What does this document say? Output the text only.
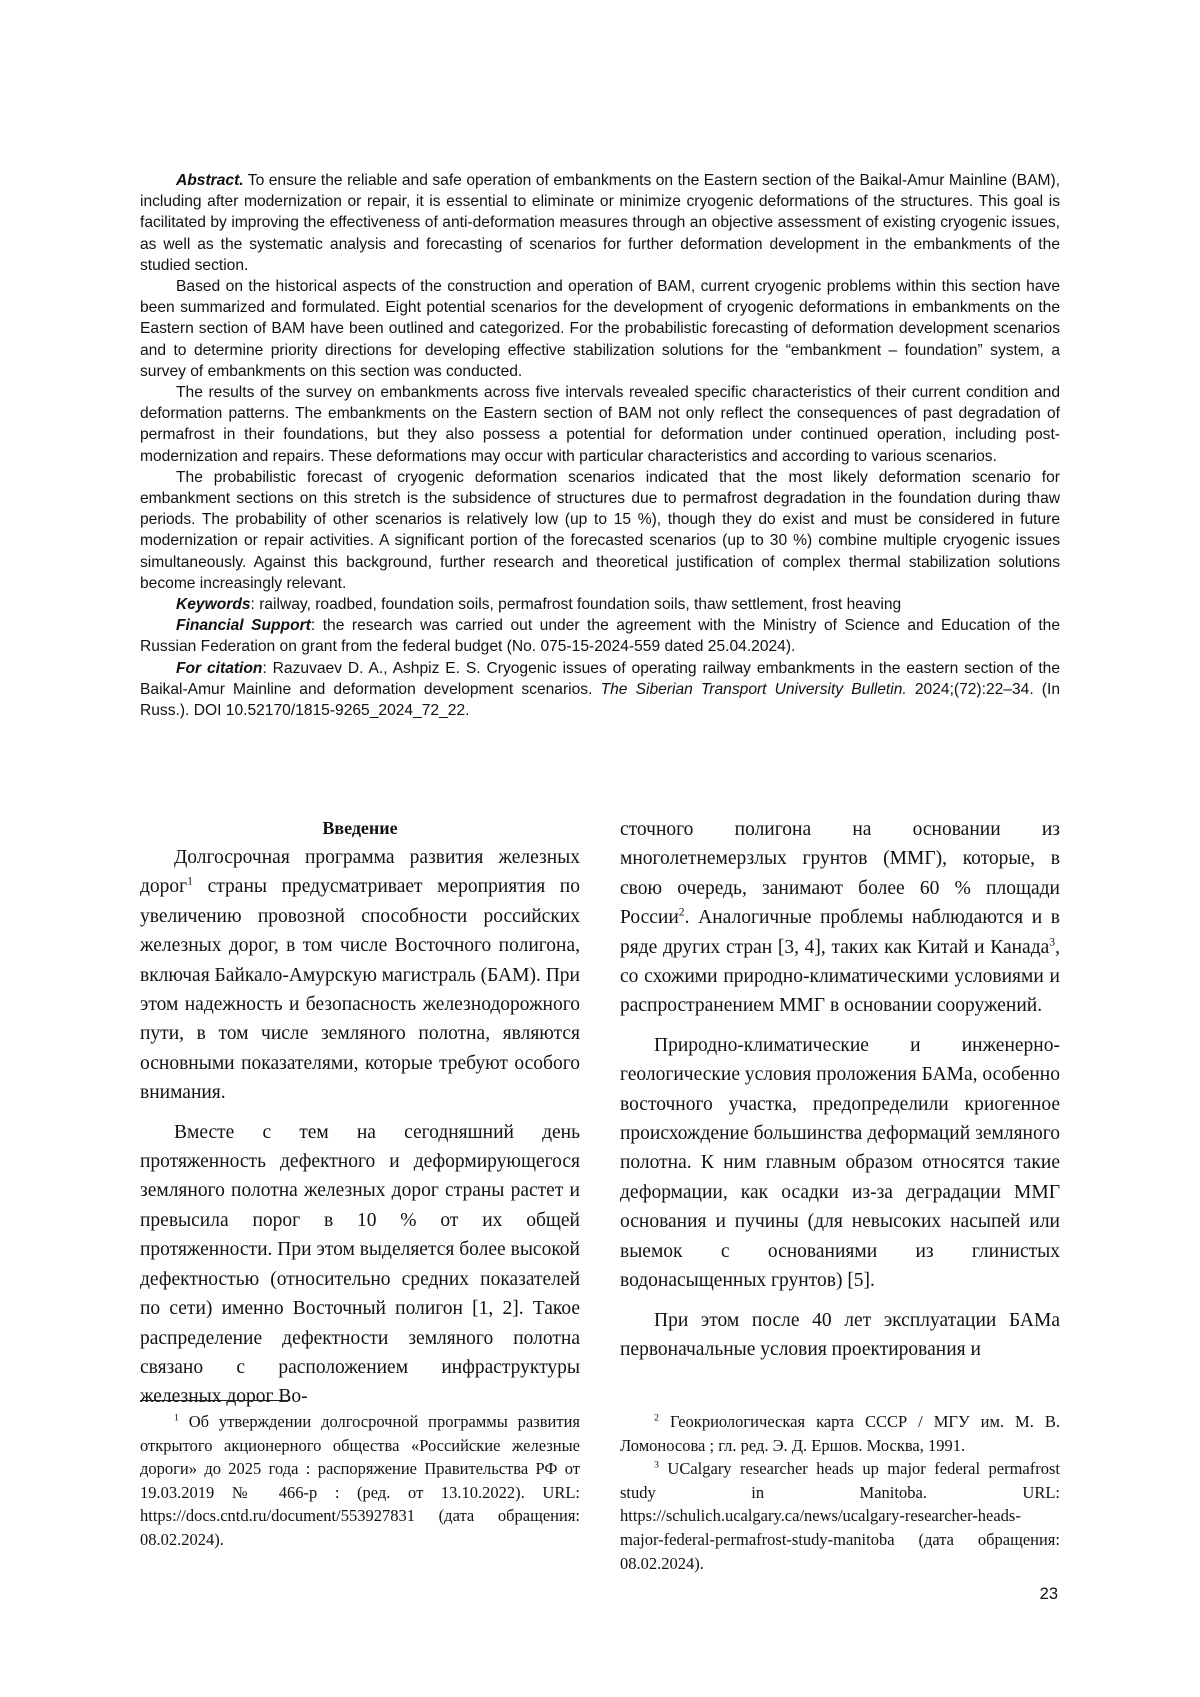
Abstract. To ensure the reliable and safe operation of embankments on the Eastern section of the Baikal-Amur Mainline (BAM), including after modernization or repair, it is essential to eliminate or minimize cryogenic deformations of the structures. This goal is facilitated by improving the effectiveness of anti-deformation measures through an objective assessment of existing cryogenic issues, as well as the systematic analysis and forecasting of scenarios for further deformation development in the embankments of the studied section.

Based on the historical aspects of the construction and operation of BAM, current cryogenic problems within this section have been summarized and formulated. Eight potential scenarios for the development of cryogenic deformations in embankments on the Eastern section of BAM have been outlined and categorized. For the probabilistic forecasting of deformation development scenarios and to determine priority directions for developing effective stabilization solutions for the “embankment – foundation” system, a survey of embankments on this section was conducted.

The results of the survey on embankments across five intervals revealed specific characteristics of their current condition and deformation patterns. The embankments on the Eastern section of BAM not only reflect the consequences of past degradation of permafrost in their foundations, but they also possess a potential for deformation under continued operation, including post-modernization and repairs. These deformations may occur with particular characteristics and according to various scenarios.

The probabilistic forecast of cryogenic deformation scenarios indicated that the most likely deformation scenario for embankment sections on this stretch is the subsidence of structures due to permafrost degradation in the foundation during thaw periods. The probability of other scenarios is relatively low (up to 15 %), though they do exist and must be considered in future modernization or repair activities. A significant portion of the forecasted scenarios (up to 30 %) combine multiple cryogenic issues simultaneously. Against this background, further research and theoretical justification of complex thermal stabilization solutions become increasingly relevant.

Keywords: railway, roadbed, foundation soils, permafrost foundation soils, thaw settlement, frost heaving

Financial Support: the research was carried out under the agreement with the Ministry of Science and Education of the Russian Federation on grant from the federal budget (No. 075-15-2024-559 dated 25.04.2024).

For citation: Razuvaev D. A., Ashpiz E. S. Cryogenic issues of operating railway embankments in the eastern section of the Baikal-Amur Mainline and deformation development scenarios. The Siberian Transport University Bulletin. 2024;(72):22–34. (In Russ.). DOI 10.52170/1815-9265_2024_72_22.

Введение

Долгосрочная программа развития железных дорог$^1$ страны предусматривает мероприятия по увеличению провозной способности российских железных дорог, в том числе Восточного полигона, включая Байкало-Амурскую магистраль (БАМ). При этом надежность и безопасность железнодорожного пути, в том числе земляного полотна, являются основными показателями, которые требуют особого внимания.

Вместе с тем на сегодняшний день протяженность дефектного и деформирующегося земляного полотна железных дорог страны растет и превысила порог в 10 % от их общей протяженности. При этом выделяется более высокой дефектностью (относительно средних показателей по сети) именно Восточный полигон [1, 2]. Такое распределение дефектности земляного полотна связано с расположением инфраструктуры железных дорог Во-

сточного полигона на основании из многолетнемерзлых грунтов (ММГ), которые, в свою очередь, занимают более 60 % площади России$^2$. Аналогичные проблемы наблюдаются и в ряде других стран [3, 4], таких как Китай и Канада$^3$, со схожими природно-климатическими условиями и распространением ММГ в основании сооружений.

Природно-климатические и инженерно-геологические условия проложения БАМа, особенно восточного участка, предопределили криогенное происхождение большинства деформаций земляного полотна. К ним главным образом относятся такие деформации, как осадки из-за деградации ММГ основания и пучины (для невысоких насыпей или выемок с основаниями из глинистых водонасыщенных грунтов) [5].

При этом после 40 лет эксплуатации БАМа первоначальные условия проектирования и

$^1$ Об утверждении долгосрочной программы развития открытого акционерного общества «Российские железные дороги» до 2025 года : распоряжение Правительства РФ от 19.03.2019 № 466-р : (ред. от 13.10.2022). URL: https://docs.cntd.ru/document/553927831 (дата обращения: 08.02.2024).

$^2$ Геокриологическая карта СССР / МГУ им. М. В. Ломоносова ; гл. ред. Э. Д. Ершов. Москва, 1991.

$^3$ UCalgary researcher heads up major federal permafrost study in Manitoba. URL: https://schulich.ucalgary.ca/news/ucalgary-researcher-heads-major-federal-permafrost-study-manitoba (дата обращения: 08.02.2024).

23
